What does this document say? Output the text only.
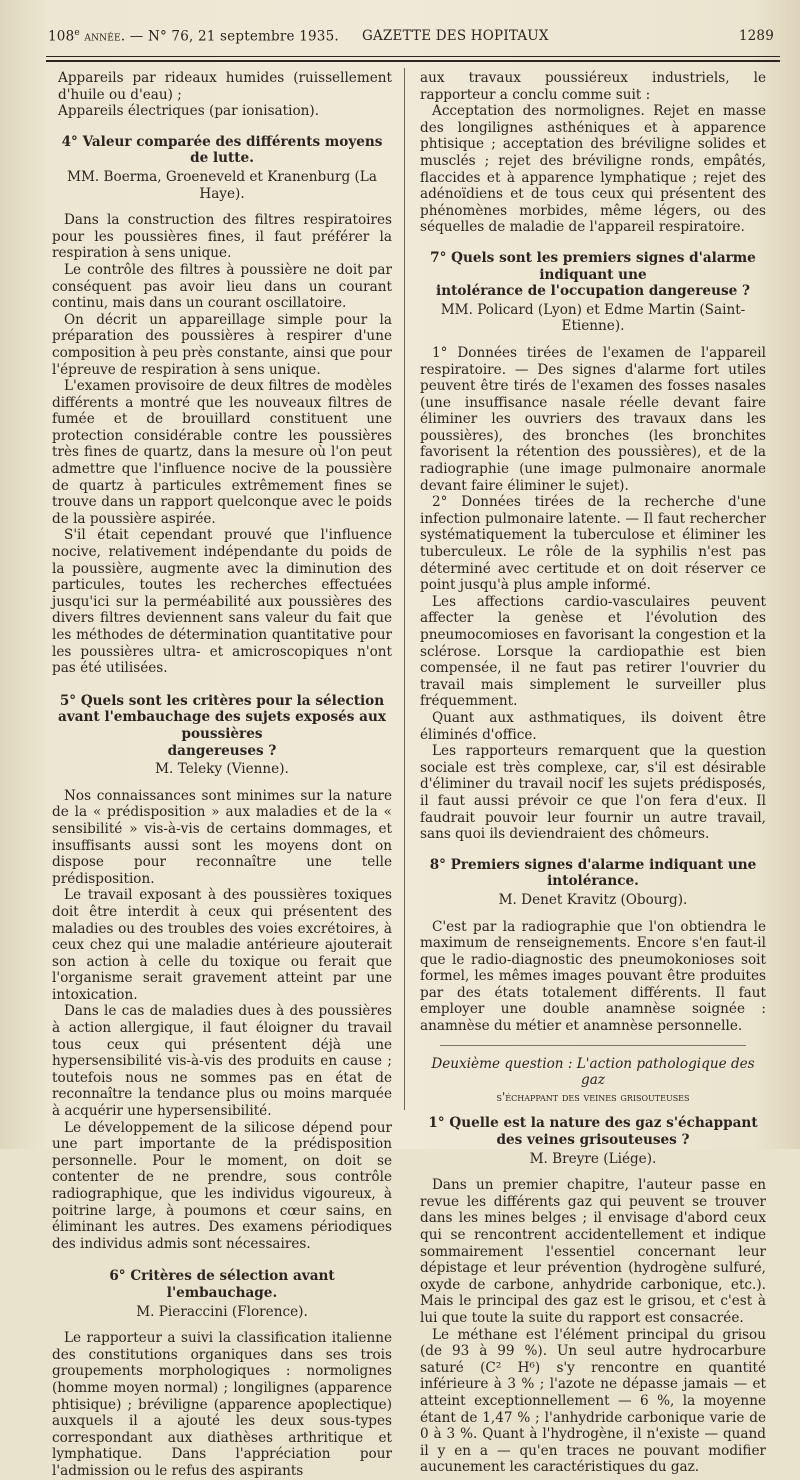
108e année. — N° 76, 21 septembre 1935. GAZETTE DES HOPITAUX	1289

Appareils par rideaux humides (ruissellement d'huile ou d'eau) ;

Appareils électriques (par ionisation).

4° Valeur comparée des différents moyens de lutte.
MM. Boerma, Groeneveld et Kranenburg (La Haye).

Dans la construction des filtres respiratoires pour les poussières fines, il faut préférer la respiration à sens unique.

Le contrôle des filtres à poussière ne doit par conséquent pas avoir lieu dans un courant continu, mais dans un courant oscillatoire.

On décrit un appareillage simple pour la préparation des poussières à respirer d'une composition à peu près constante, ainsi que pour l'épreuve de respiration à sens unique.

L'examen provisoire de deux filtres de modèles différents a montré que les nouveaux filtres de fumée et de brouillard constituent une protection considérable contre les poussières très fines de quartz, dans la mesure où l'on peut admettre que l'influence nocive de la poussière de quartz à particules extrêmement fines se trouve dans un rapport quelconque avec le poids de la poussière aspirée.

S'il était cependant prouvé que l'influence nocive, relativement indépendante du poids de la poussière, augmente avec la diminution des particules, toutes les recherches effectuées jusqu'ici sur la perméabilité aux poussières des divers filtres deviennent sans valeur du fait que les méthodes de détermination quantitative pour les poussières ultra- et amicroscopiques n'ont pas été utilisées.

5° Quels sont les critères pour la sélection
avant l'embauchage des sujets exposés aux poussières
dangereuses ?
M. Teleky (Vienne).

Nos connaissances sont minimes sur la nature de la « prédisposition » aux maladies et de la « sensibilité » vis-à-vis de certains dommages, et insuffisants aussi sont les moyens dont on dispose pour reconnaître une telle prédisposition.

Le travail exposant à des poussières toxiques doit être interdit à ceux qui présentent des maladies ou des troubles des voies excrétoires, à ceux chez qui une maladie antérieure ajouterait son action à celle du toxique ou ferait que l'organisme serait gravement atteint par une intoxication.

Dans le cas de maladies dues à des poussières à action allergique, il faut éloigner du travail tous ceux qui présentent déjà une hypersensibilité vis-à-vis des produits en cause ; toutefois nous ne sommes pas en état de reconnaître la tendance plus ou moins marquée à acquérir une hypersensibilité.

Le développement de la silicose dépend pour une part importante de la prédisposition personnelle. Pour le moment, on doit se contenter de ne prendre, sous contrôle radiographique, que les individus vigoureux, à poitrine large, à poumons et cœur sains, en éliminant les autres. Des examens périodiques des individus admis sont nécessaires.

6° Critères de sélection avant l'embauchage.
M. Pieraccini (Florence).

Le rapporteur a suivi la classification italienne des constitutions organiques dans ses trois groupements morphologiques : normolignes (homme moyen normal) ; longilignes (apparence phtisique) ; bréviligne (apparence apoplectique) auxquels il a ajouté les deux sous-types correspondant aux diathèses arthritique et lymphatique. Dans l'appréciation pour l'admission ou le refus des aspirants

aux travaux poussiéreux industriels, le rapporteur a conclu comme suit :

Acceptation des normolignes. Rejet en masse des longilignes asthéniques et à apparence phtisique ; acceptation des bréviligne solides et musclés ; rejet des bréviligne ronds, empâtés, flaccides et à apparence lymphatique ; rejet des adénoïdiens et de tous ceux qui présentent des phénomènes morbides, même légers, ou des séquelles de maladie de l'appareil respiratoire.

7° Quels sont les premiers signes d'alarme indiquant une
intolérance de l'occupation dangereuse ?
MM. Policard (Lyon) et Edme Martin (Saint-Etienne).

1° Données tirées de l'examen de l'appareil respiratoire. — Des signes d'alarme fort utiles peuvent être tirés de l'examen des fosses nasales (une insuffisance nasale réelle devant faire éliminer les ouvriers des travaux dans les poussières), des bronches (les bronchites favorisent la rétention des poussières), et de la radiographie (une image pulmonaire anormale devant faire éliminer le sujet).

2° Données tirées de la recherche d'une infection pulmonaire latente. — Il faut rechercher systématiquement la tuberculose et éliminer les tuberculeux. Le rôle de la syphilis n'est pas déterminé avec certitude et on doit réserver ce point jusqu'à plus ample informé.

Les affections cardio-vasculaires peuvent affecter la genèse et l'évolution des pneumocomioses en favorisant la congestion et la sclérose. Lorsque la cardiopathie est bien compensée, il ne faut pas retirer l'ouvrier du travail mais simplement le surveiller plus fréquemment.

Quant aux asthmatiques, ils doivent être éliminés d'office.

Les rapporteurs remarquent que la question sociale est très complexe, car, s'il est désirable d'éliminer du travail nocif les sujets prédisposés, il faut aussi prévoir ce que l'on fera d'eux. Il faudrait pouvoir leur fournir un autre travail, sans quoi ils deviendraient des chômeurs.

8° Premiers signes d'alarme indiquant une intolérance.
M. Denet Kravitz (Obourg).

C'est par la radiographie que l'on obtiendra le maximum de renseignements. Encore s'en faut-il que le radio-diagnostic des pneumokonioses soit formel, les mêmes images pouvant être produites par des états totalement différents. Il faut employer une double anamnèse soignée : anamnèse du métier et anamnèse personnelle.

Deuxième question : L'action pathologique des gaz
s'échappant des veines grisouteuses
1° Quelle est la nature des gaz s'échappant
des veines grisouteuses ?
M. Breyre (Liége).

Dans un premier chapitre, l'auteur passe en revue les différents gaz qui peuvent se trouver dans les mines belges ; il envisage d'abord ceux qui se rencontrent accidentellement et indique sommairement l'essentiel concernant leur dépistage et leur prévention (hydrogène sulfuré, oxyde de carbone, anhydride carbonique, etc.). Mais le principal des gaz est le grisou, et c'est à lui que toute la suite du rapport est consacrée.

Le méthane est l'élément principal du grisou (de 93 à 99 %). Un seul autre hydrocarbure saturé (C² H⁶) s'y rencontre en quantité inférieure à 3 % ; l'azote ne dépasse jamais — et atteint exceptionnellement — 6 %, la moyenne étant de 1,47 % ; l'anhydride carbonique varie de 0 à 3 %. Quant à l'hydrogène, il n'existe — quand il y en a — qu'en traces ne pouvant modifier aucunement les caractéristiques du gaz.
